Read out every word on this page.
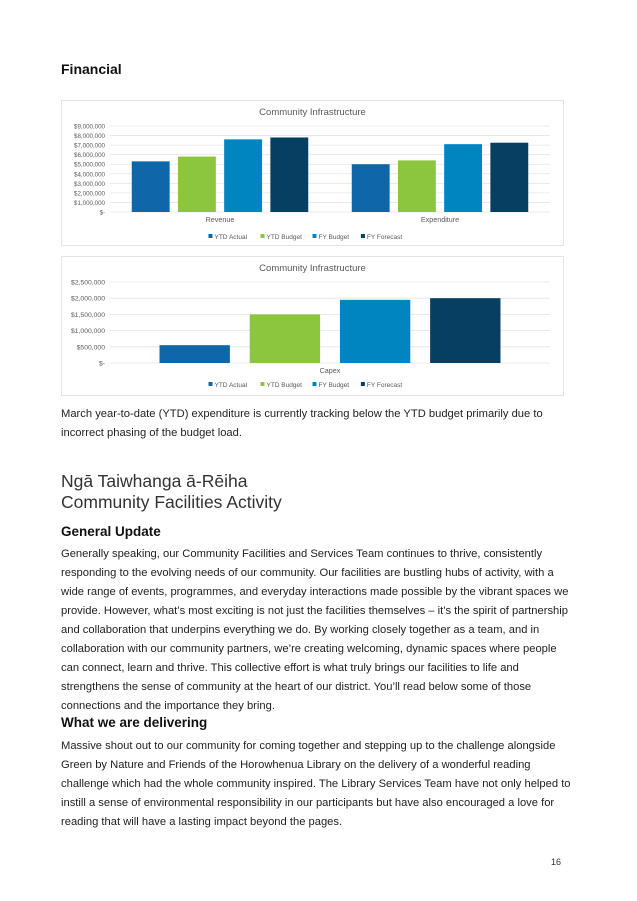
Financial
Community Infrastructure
$-
$1,000,000
$2,000,000
$3,000,000
$4,000,000
$5,000,000
$6,000,000
$7,000,000
$8,000,000
$9,000,000
Revenue	Expenditure
YTD Actual	YTD Budget	FY Budget	FY Forecast
Community Infrastructure
$-
$500,000
$1,000,000
$1,500,000
$2,000,000
$2,500,000
Capex
YTD Actual	YTD Budget	FY Budget	FY Forecast

March year-to-date (YTD) expenditure is currently tracking below the YTD budget primarily due to incorrect phasing of the budget load.

Ngā Taiwhanga ā-Rēiha
Community Facilities Activity
General Update

Generally speaking, our Community Facilities and Services Team continues to thrive, consistently responding to the evolving needs of our community. Our facilities are bustling hubs of activity, with a wide range of events, programmes, and everyday interactions made possible by the vibrant spaces we provide. However, what’s most exciting is not just the facilities themselves – it’s the spirit of partnership and collaboration that underpins everything we do. By working closely together as a team, and in collaboration with our community partners, we’re creating welcoming, dynamic spaces where people can connect, learn and thrive. This collective effort is what truly brings our facilities to life and strengthens the sense of community at the heart of our district. You’ll read below some of those connections and the importance they bring.

What we are delivering

Massive shout out to our community for coming together and stepping up to the challenge alongside Green by Nature and Friends of the Horowhenua Library on the delivery of a wonderful reading challenge which had the whole community inspired. The Library Services Team have not only helped to instill a sense of environmental responsibility in our participants but have also encouraged a love for reading that will have a lasting impact beyond the pages.

16
